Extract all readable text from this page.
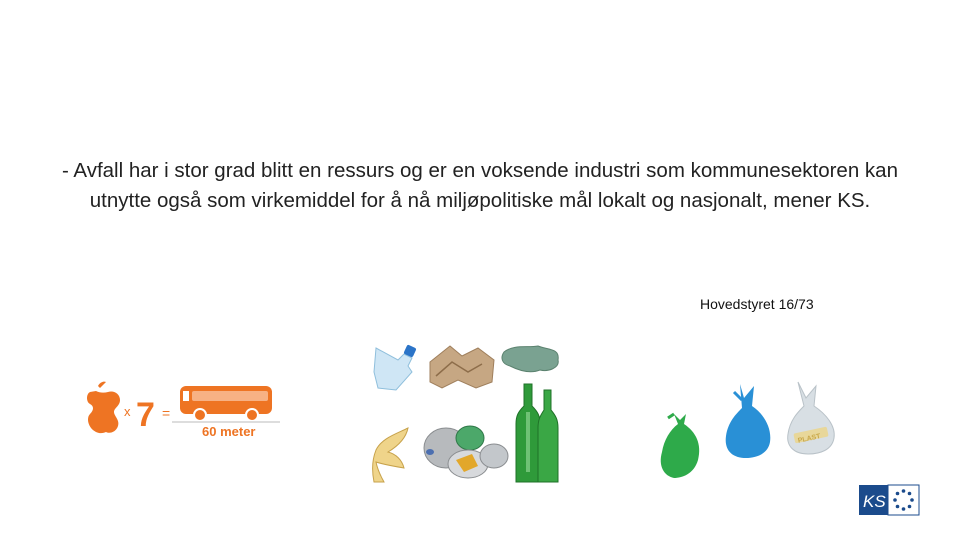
- Avfall har i stor grad blitt en ressurs og er en voksende industri som kommunesektoren kan utnytte også som virkemiddel for å nå miljøpolitiske mål lokalt og nasjonalt, mener KS.
Hovedstyret 16/73
x 7 =
60 meter	PLAST
KS
